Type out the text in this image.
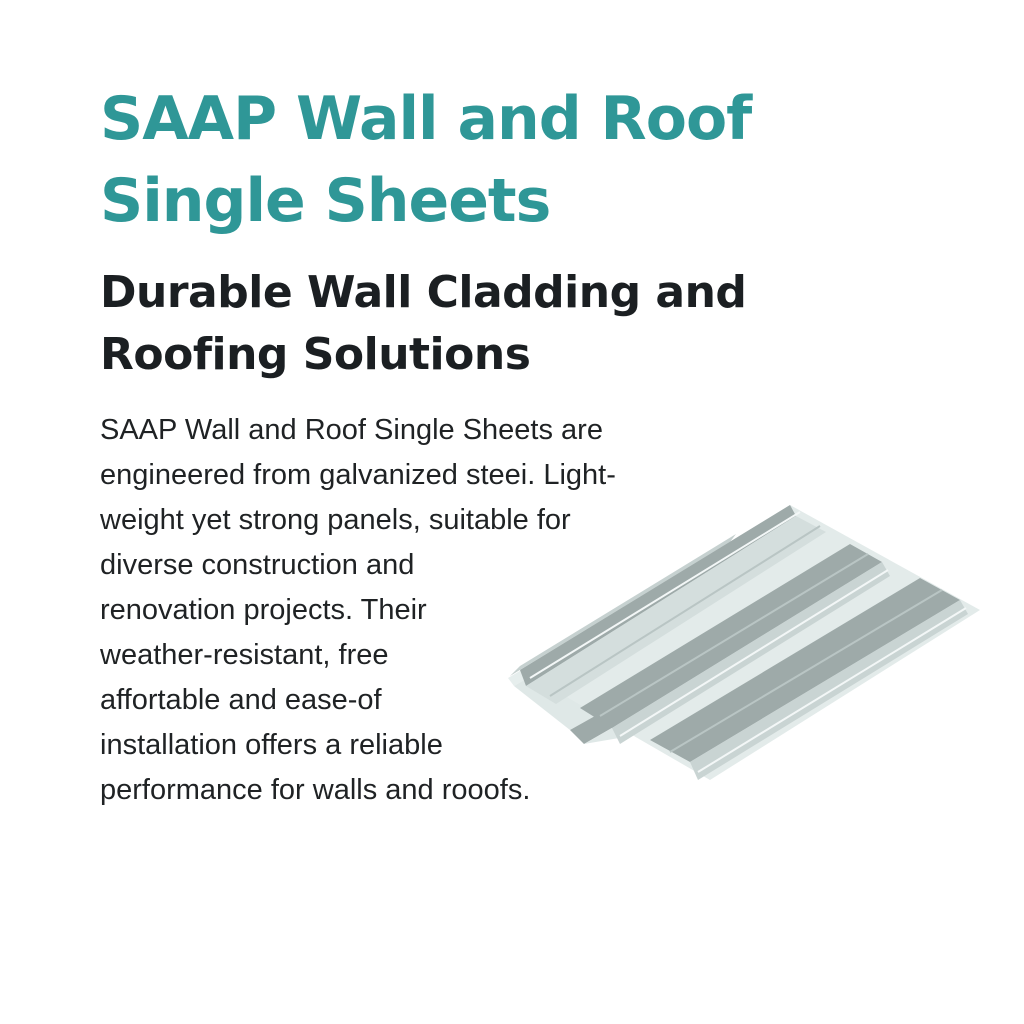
SAAP Wall and Roof
Single Sheets
Durable Wall Cladding and
Roofing Solutions

SAAP Wall and Roof Single Sheets are
engineered from galvanized steei. Light-
weight yet strong panels, suitable for
diverse construction and
renovation projects. Their
weather-resistant, free
affortable and ease-of
installation offers a reliable
performance for walls and rooofs.
